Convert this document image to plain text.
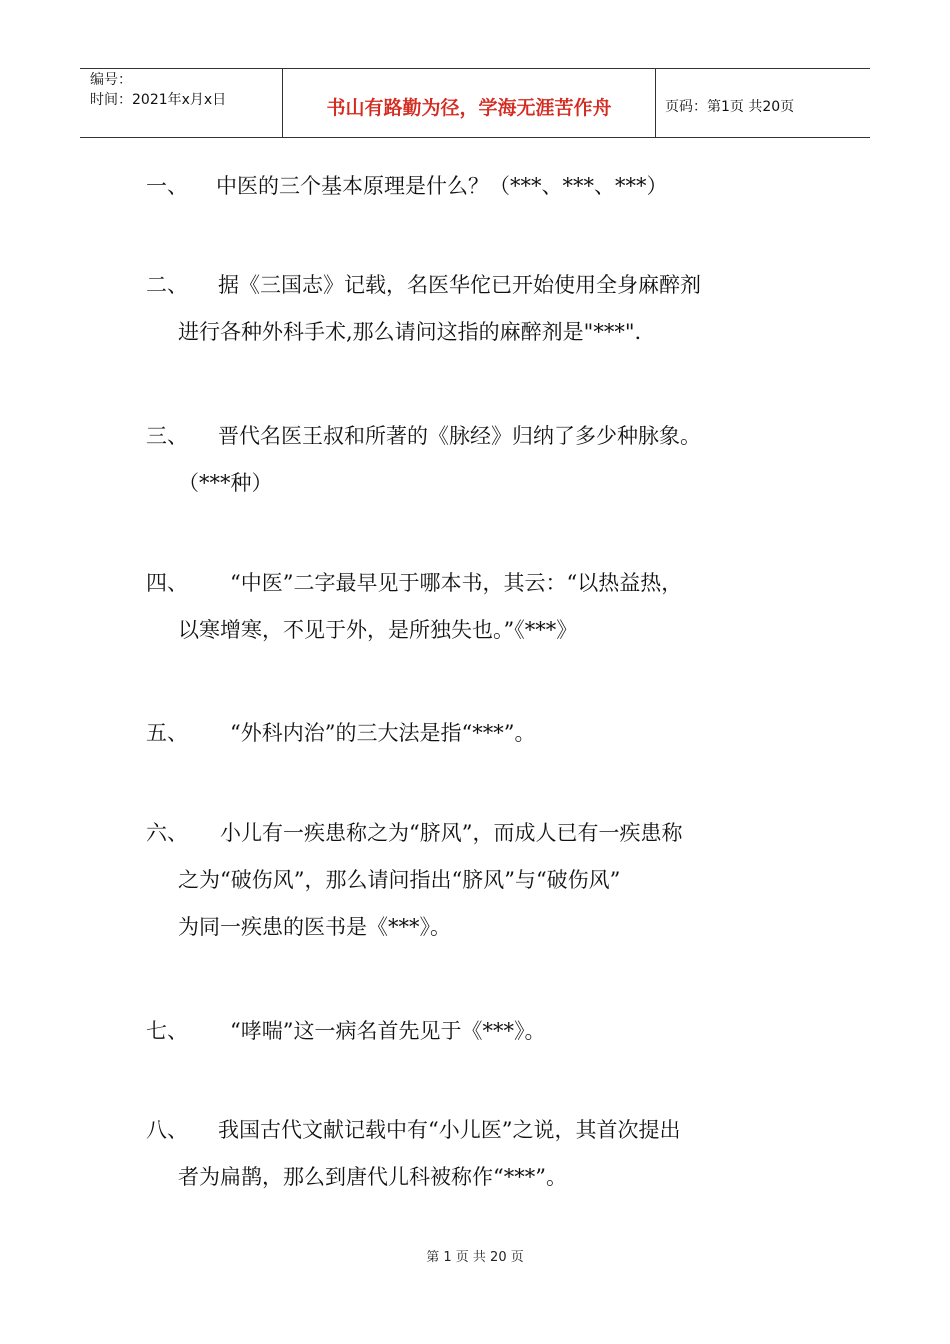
编号：
时间：2021年x月x日	书山有路勤为径，学海无涯苦作舟	页码：第1页 共20页
一、 中医的三个基本原理是什么？（***、***、***）
二、 据《三国志》记载，名医华佗已开始使用全身麻醉剂
进行各种外科手术,那么请问这指的麻醉剂是"***".
三、 晋代名医王叔和所著的《脉经》归纳了多少种脉象。
（***种）
四、 “中医”二字最早见于哪本书，其云：“以热益热，
以寒增寒，不见于外，是所独失也。”《***》
五、 “外科内治”的三大法是指“***”。
六、 小儿有一疾患称之为“脐风”，而成人已有一疾患称
之为“破伤风”，那么请问指出“脐风”与“破伤风”
为同一疾患的医书是《***》。
七、 “哮喘”这一病名首先见于《***》。
八、 我国古代文献记载中有“小儿医”之说，其首次提出
者为扁鹊，那么到唐代儿科被称作“***”。
第 1 页 共 20 页
